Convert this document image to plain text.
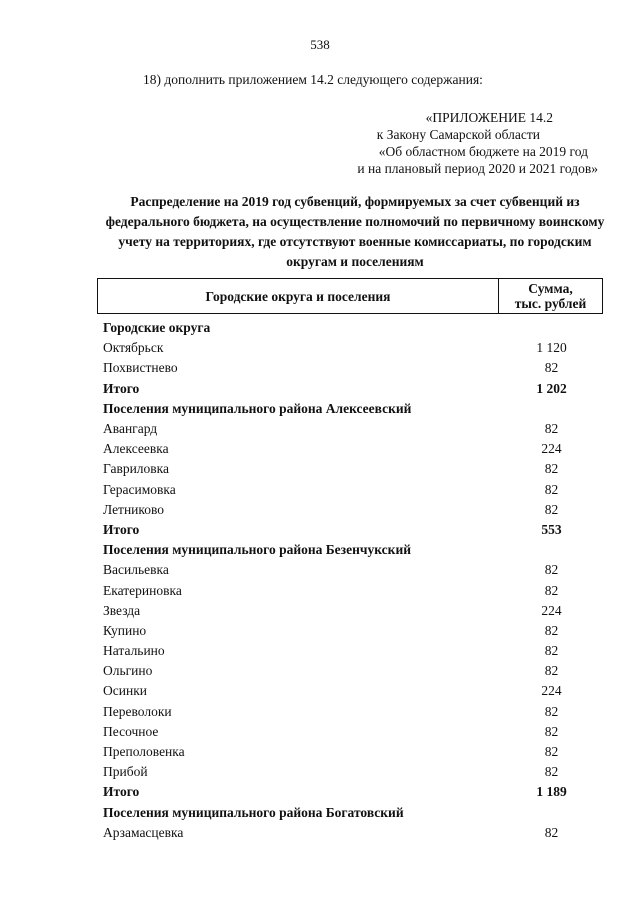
538
18) дополнить приложением 14.2 следующего содержания:
«ПРИЛОЖЕНИЕ 14.2
к Закону Самарской области
«Об областном бюджете на 2019 год
и на плановый период 2020 и 2021 годов»
Распределение на 2019 год субвенций, формируемых за счет субвенций из федерального бюджета, на осуществление полномочий по первичному воинскому учету на территориях, где отсутствуют военные комиссариаты, по городским округам и поселениям
Городские округа и поселения
Сумма,
тыс. рублей
Городские округа
Октябрьск	1 120
Похвистнево	82
Итого	1 202
Поселения муниципального района Алексеевский
Авангард	82
Алексеевка	224
Гавриловка	82
Герасимовка	82
Летниково	82
Итого	553
Поселения муниципального района Безенчукский
Васильевка	82
Екатериновка	82
Звезда	224
Купино	82
Натальино	82
Ольгино	82
Осинки	224
Переволоки	82
Песочное	82
Преполовенка	82
Прибой	82
Итого	1 189
Поселения муниципального района Богатовский
Арзамасцевка	82
